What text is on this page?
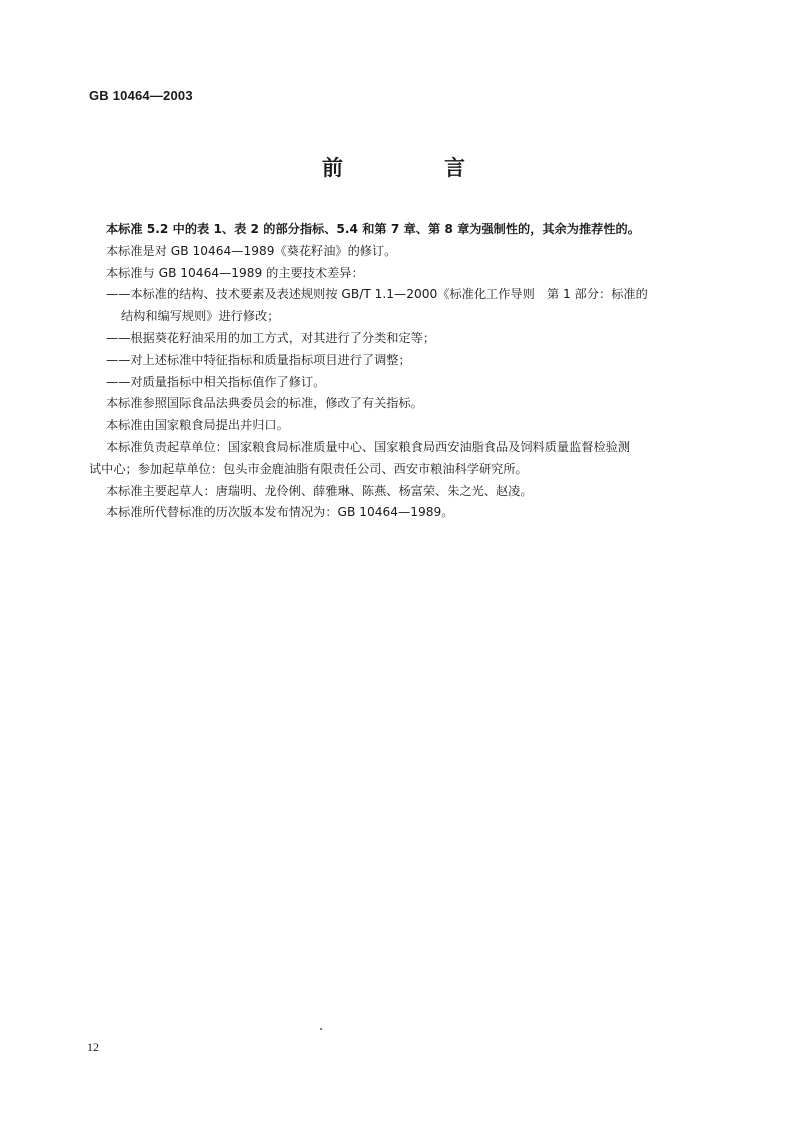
GB 10464—2003
前　言

本标准 5.2 中的表 1、表 2 的部分指标、5.4 和第 7 章、第 8 章为强制性的，其余为推荐性的。

本标准是对 GB 10464—1989《葵花籽油》的修订。

本标准与 GB 10464—1989 的主要技术差异：

——本标准的结构、技术要素及表述规则按 GB/T 1.1—2000《标准化工作导则　第 1 部分：标准的

结构和编写规则》进行修改；

——根据葵花籽油采用的加工方式，对其进行了分类和定等；

——对上述标准中特征指标和质量指标项目进行了调整；

——对质量指标中相关指标值作了修订。

本标准参照国际食品法典委员会的标准，修改了有关指标。

本标准由国家粮食局提出并归口。

本标准负责起草单位：国家粮食局标准质量中心、国家粮食局西安油脂食品及饲料质量监督检验测

试中心；参加起草单位：包头市金鹿油脂有限责任公司、西安市粮油科学研究所。

本标准主要起草人：唐瑞明、龙伶俐、薛雅琳、陈燕、杨富荣、朱之光、赵凌。

本标准所代替标准的历次版本发布情况为：GB 10464—1989。

12
